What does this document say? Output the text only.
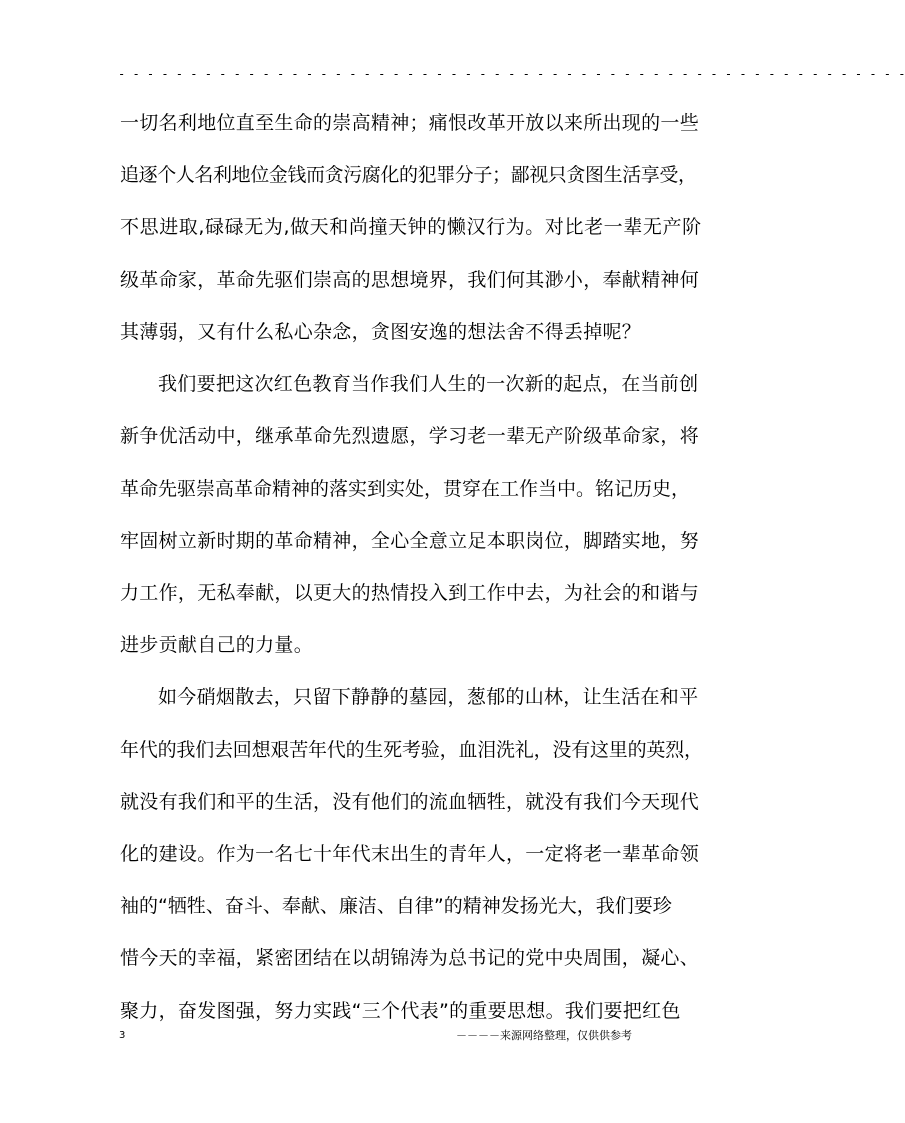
- - - - - - - - - - - - - - - - - - - - - - - - - - - - - - - - - - - - - - - - - - - - - - - - - - - - - - -
一切名利地位直至生命的崇高精神；痛恨改革开放以来所出现的一些
追逐个人名利地位金钱而贪污腐化的犯罪分子；鄙视只贪图生活享受，
不思进取,碌碌无为,做天和尚撞天钟的懒汉行为。对比老一辈无产阶
级革命家，革命先驱们崇高的思想境界，我们何其渺小，奉献精神何
其薄弱，又有什么私心杂念，贪图安逸的想法舍不得丢掉呢？
我们要把这次红色教育当作我们人生的一次新的起点，在当前创
新争优活动中，继承革命先烈遗愿，学习老一辈无产阶级革命家，将
革命先驱崇高革命精神的落实到实处，贯穿在工作当中。铭记历史，
牢固树立新时期的革命精神，全心全意立足本职岗位，脚踏实地，努
力工作，无私奉献，以更大的热情投入到工作中去，为社会的和谐与
进步贡献自己的力量。
如今硝烟散去，只留下静静的墓园，葱郁的山林，让生活在和平
年代的我们去回想艰苦年代的生死考验，血泪洗礼，没有这里的英烈，
就没有我们和平的生活，没有他们的流血牺牲，就没有我们今天现代
化的建设。作为一名七十年代末出生的青年人，一定将老一辈革命领
袖的“牺牲、奋斗、奉献、廉洁、自律”的精神发扬光大，我们要珍
惜今天的幸福，紧密团结在以胡锦涛为总书记的党中央周围，凝心、
聚力，奋发图强，努力实践“三个代表”的重要思想。我们要把红色
3	－－－－来源网络整理，仅供供参考
